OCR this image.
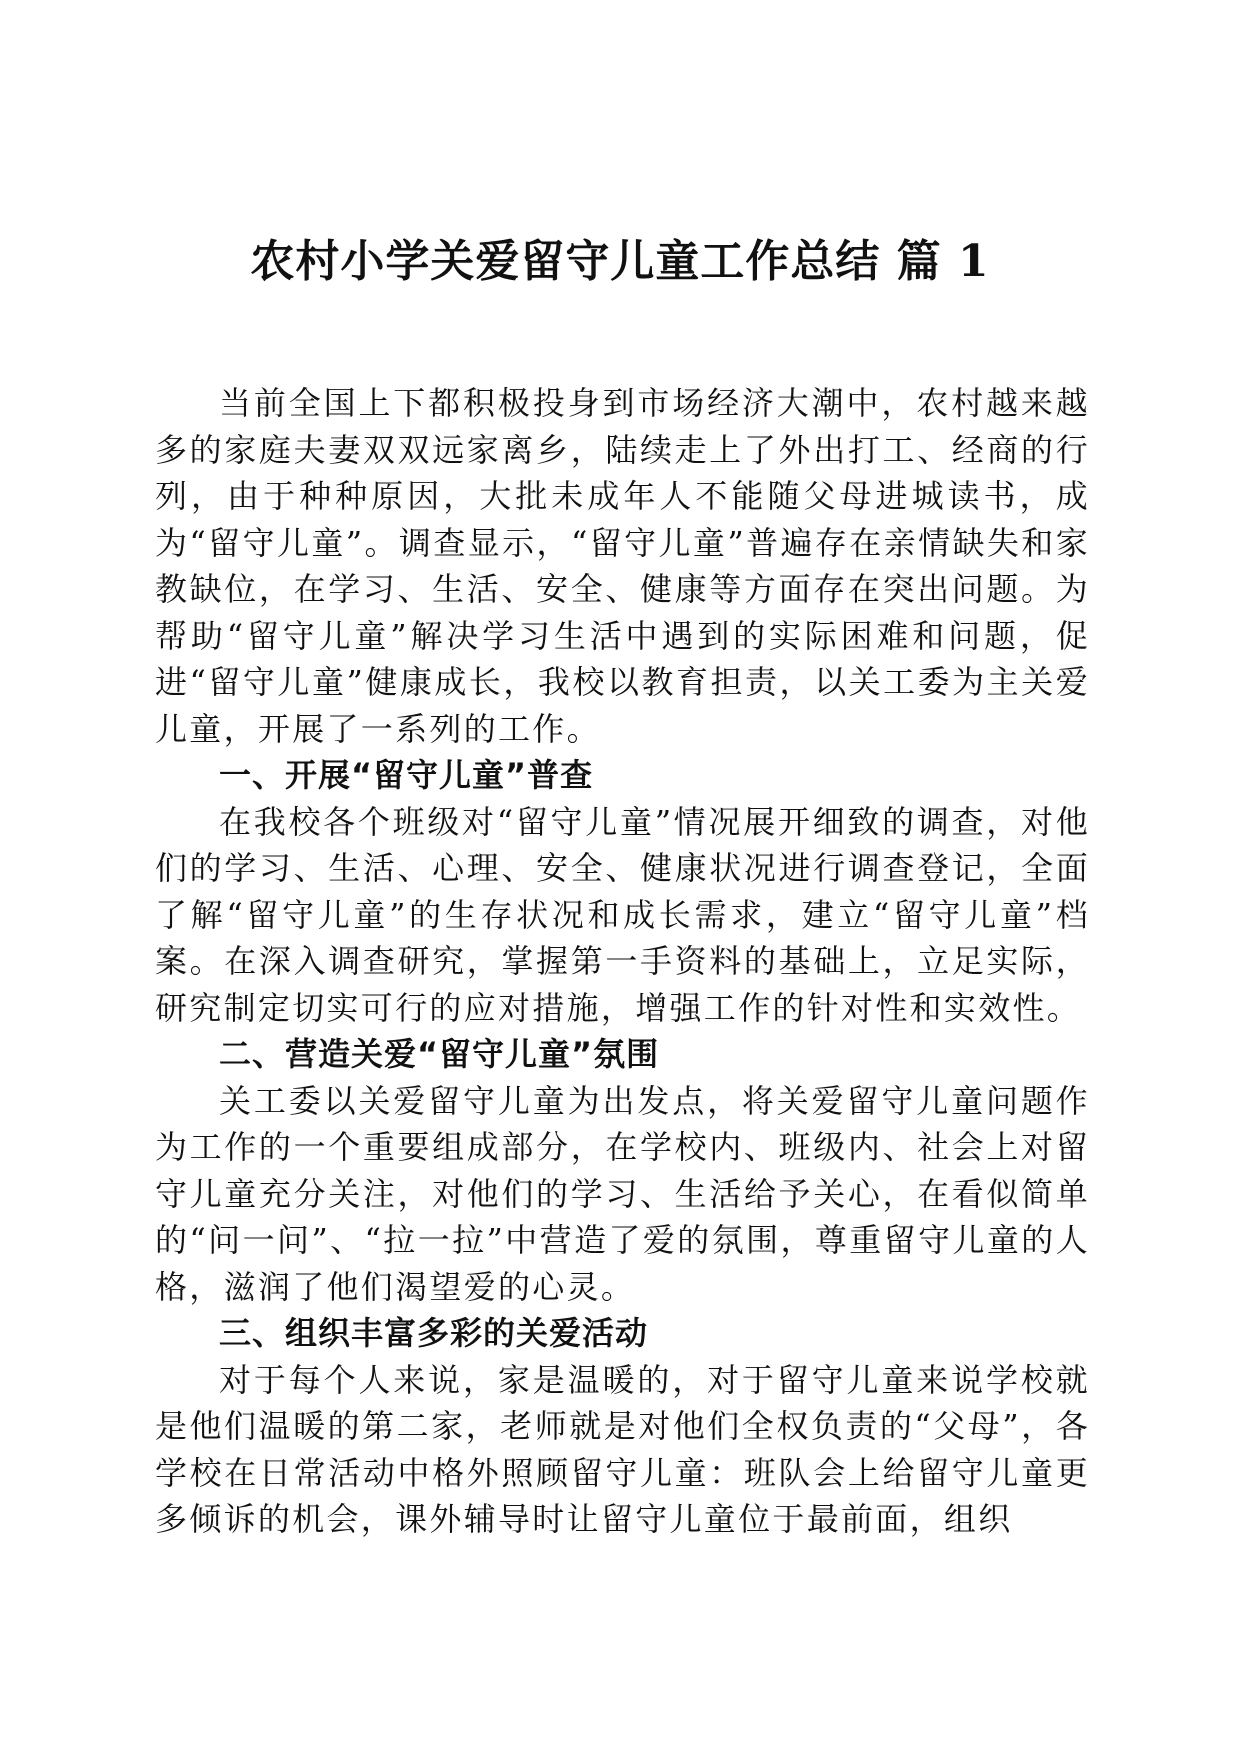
农村小学关爱留守儿童工作总结 篇 1

当前全国上下都积极投身到市场经济大潮中，农村越来越多的家庭夫妻双双远家离乡，陆续走上了外出打工、经商的行列，由于种种原因，大批未成年人不能随父母进城读书，成为“留守儿童”。调查显示，“留守儿童”普遍存在亲情缺失和家教缺位，在学习、生活、安全、健康等方面存在突出问题。为帮助“留守儿童”解决学习生活中遇到的实际困难和问题，促进“留守儿童”健康成长，我校以教育担责，以关工委为主关爱儿童，开展了一系列的工作。

一、开展“留守儿童”普查

在我校各个班级对“留守儿童”情况展开细致的调查，对他们的学习、生活、心理、安全、健康状况进行调查登记，全面了解“留守儿童”的生存状况和成长需求，建立“留守儿童”档案。在深入调查研究，掌握第一手资料的基础上，立足实际，研究制定切实可行的应对措施，增强工作的针对性和实效性。

二、营造关爱“留守儿童”氛围

关工委以关爱留守儿童为出发点，将关爱留守儿童问题作为工作的一个重要组成部分，在学校内、班级内、社会上对留守儿童充分关注，对他们的学习、生活给予关心，在看似简单的“问一问”、“拉一拉”中营造了爱的氛围，尊重留守儿童的人格，滋润了他们渴望爱的心灵。

三、组织丰富多彩的关爱活动

对于每个人来说，家是温暖的，对于留守儿童来说学校就是他们温暖的第二家，老师就是对他们全权负责的“父母”，各学校在日常活动中格外照顾留守儿童：班队会上给留守儿童更多倾诉的机会，课外辅导时让留守儿童位于最前面，组织
